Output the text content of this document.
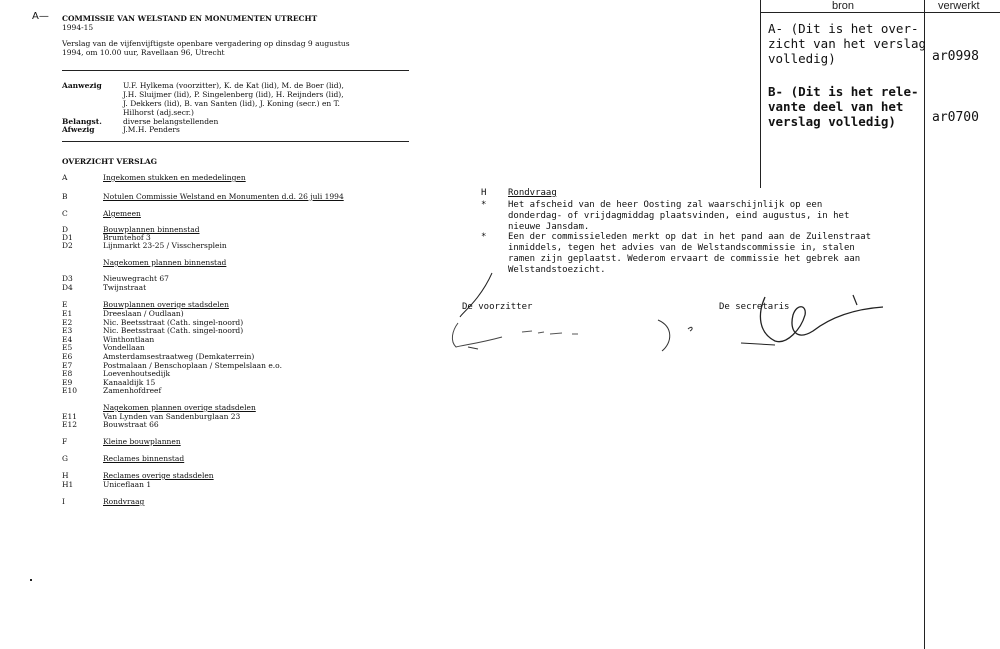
A— COMMISSIE VAN WELSTAND EN MONUMENTEN UTRECHT
1994-15
Verslag van de vijfenvijftigste openbare vergadering op dinsdag 9 augustus
1994, om 10.00 uur, Ravellaan 96, Utrecht
Aanwezig	U.F. Hylkema (voorzitter), K. de Kat (lid), M. de Boer (lid),
J.H. Sluijmer (lid), P. Singelenberg (lid), H. Reijnders (lid),
J. Dekkers (lid), B. van Santen (lid), J. Koning (secr.) en T.
Hilhorst (adj.secr.)
Belangst.	diverse belangstellenden
Afwezig	J.M.H. Penders
OVERZICHT VERSLAG
A	Ingekomen stukken en mededelingen
B	Notulen Commissie Welstand en Monumenten d.d. 26 juli 1994
C	Algemeen
D	Bouwplannen binnenstad
D1	Brumtehof 3
D2	Lijnmarkt 23-25 / Visschersplein
Nagekomen plannen binnenstad
D3	Nieuwegracht 67
D4	Twijnstraat
E	Bouwplannen overige stadsdelen
E1	Dreeslaan / Oudlaan)
E2	Nic. Beetsstraat (Cath. singel-noord)
E3	Nic. Beetsstraat (Cath. singel-noord)
E4	Winthontlaan
E5	Vondellaan
E6	Amsterdamsestraatweg (Demkaterrein)
E7	Postmalaan / Benschoplaan / Stempelslaan e.o.
E8	Loevenhoutsedijk
E9	Kanaaldijk 15
E10	Zamenhofdreef
Nagekomen plannen overige stadsdelen
E11	Van Lynden van Sandenburglaan 23
E12	Bouwstraat 66
F	Kleine bouwplannen
G	Reclames binnenstad
H	Reclames overige stadsdelen
H1	Uniceflaan 1
I	Rondvraag
H Rondvraag
* Het afscheid van de heer Oosting zal waarschijnlijk op een
donderdag- of vrijdagmiddag plaatsvinden, eind augustus, in het
nieuwe Jansdam.
* Een der commissieleden merkt op dat in het pand aan de Zuilenstraat
inmiddels, tegen het advies van de Welstandscommissie in, stalen
ramen zijn geplaatst. Wederom ervaart de commissie het gebrek aan
Welstandstoezicht.
De voorzitter	De secretaris
bron	verwerkt
A- (Dit is het over-
zicht van het verslag
volledig)	ar0998
B- (Dit is het rele-
vante deel van het
verslag volledig)	ar0700
